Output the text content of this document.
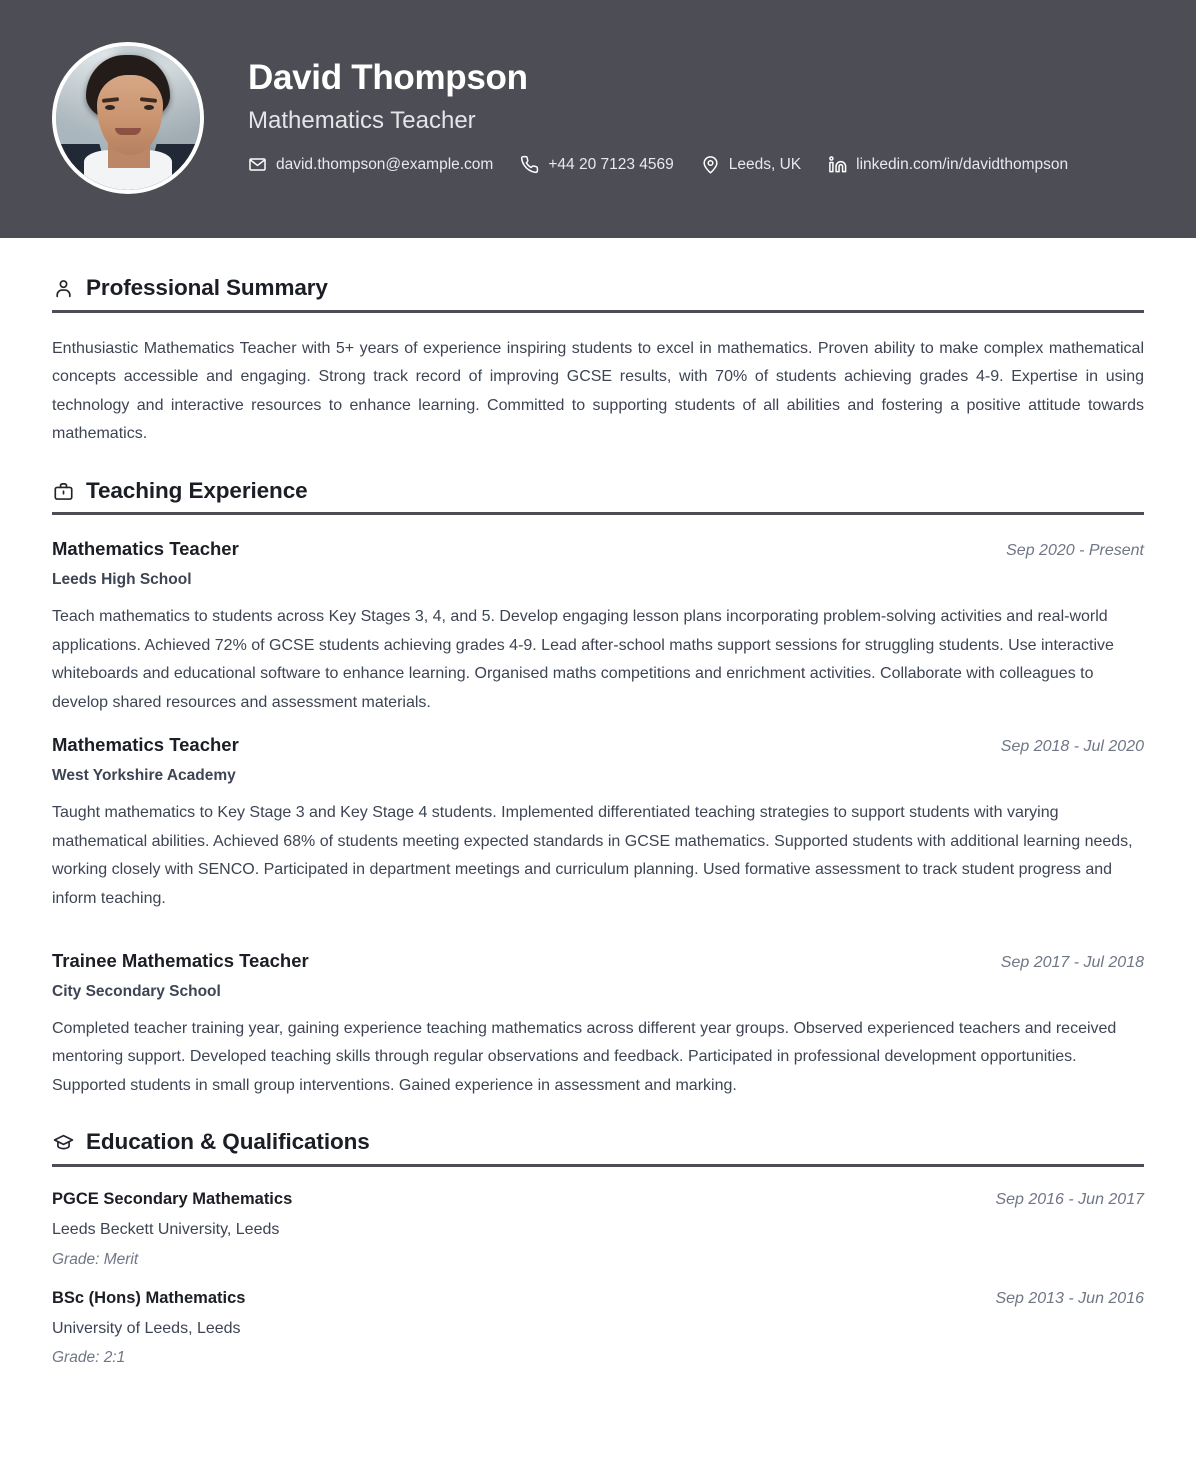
David Thompson
Mathematics Teacher
david.thompson@example.com	+44 20 7123 4569	Leeds, UK	linkedin.com/in/davidthompson
Professional Summary

Enthusiastic Mathematics Teacher with 5+ years of experience inspiring students to excel in mathematics. Proven ability to make complex mathematical concepts accessible and engaging. Strong track record of improving GCSE results, with 70% of students achieving grades 4-9. Expertise in using technology and interactive resources to enhance learning. Committed to supporting students of all abilities and fostering a positive attitude towards mathematics.

Teaching Experience
Mathematics Teacher	Sep 2020 - Present
Leeds High School

Teach mathematics to students across Key Stages 3, 4, and 5. Develop engaging lesson plans incorporating problem-solving activities and real-world applications. Achieved 72% of GCSE students achieving grades 4-9. Lead after-school maths support sessions for struggling students. Use interactive whiteboards and educational software to enhance learning. Organised maths competitions and enrichment activities. Collaborate with colleagues to develop shared resources and assessment materials.

Mathematics Teacher	Sep 2018 - Jul 2020
West Yorkshire Academy

Taught mathematics to Key Stage 3 and Key Stage 4 students. Implemented differentiated teaching strategies to support students with varying mathematical abilities. Achieved 68% of students meeting expected standards in GCSE mathematics. Supported students with additional learning needs, working closely with SENCO. Participated in department meetings and curriculum planning. Used formative assessment to track student progress and inform teaching.

Trainee Mathematics Teacher	Sep 2017 - Jul 2018
City Secondary School

Completed teacher training year, gaining experience teaching mathematics across different year groups. Observed experienced teachers and received mentoring support. Developed teaching skills through regular observations and feedback. Participated in professional development opportunities. Supported students in small group interventions. Gained experience in assessment and marking.

Education & Qualifications
PGCE Secondary Mathematics	Sep 2016 - Jun 2017
Leeds Beckett University, Leeds
Grade: Merit
BSc (Hons) Mathematics	Sep 2013 - Jun 2016
University of Leeds, Leeds
Grade: 2:1
